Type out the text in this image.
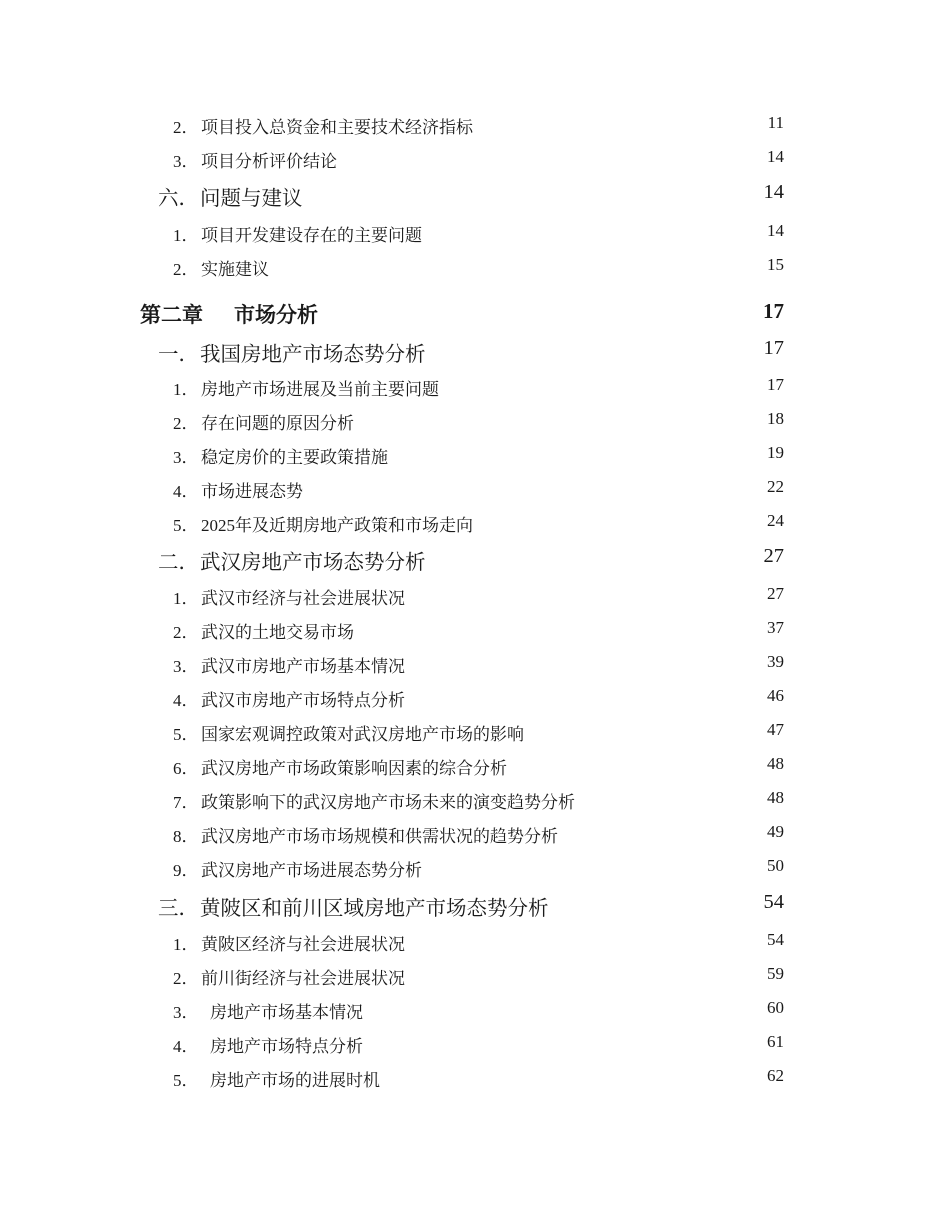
2． 项目投入总资金和主要技术经济指标	11
3． 项目分析评价结论	14
六． 问题与建议	14
1． 项目开发建设存在的主要问题	14
2． 实施建议	15
第二章	市场分析	17
一． 我国房地产市场态势分析	17
1． 房地产市场进展及当前主要问题	17
2． 存在问题的原因分析	18
3． 稳定房价的主要政策措施	19
4． 市场进展态势	22
5． 2025年及近期房地产政策和市场走向	24
二． 武汉房地产市场态势分析	27
1． 武汉市经济与社会进展状况	27
2． 武汉的土地交易市场	37
3． 武汉市房地产市场基本情况	39
4． 武汉市房地产市场特点分析	46
5． 国家宏观调控政策对武汉房地产市场的影响	47
6． 武汉房地产市场政策影响因素的综合分析	48
7． 政策影响下的武汉房地产市场未来的演变趋势分析	48
8． 武汉房地产市场市场规模和供需状况的趋势分析	49
9． 武汉房地产市场进展态势分析	50
三． 黄陂区和前川区域房地产市场态势分析	54
1． 黄陂区经济与社会进展状况	54
2． 前川街经济与社会进展状况	59
3． 房地产市场基本情况	60
4． 房地产市场特点分析	61
5． 房地产市场的进展时机	62
